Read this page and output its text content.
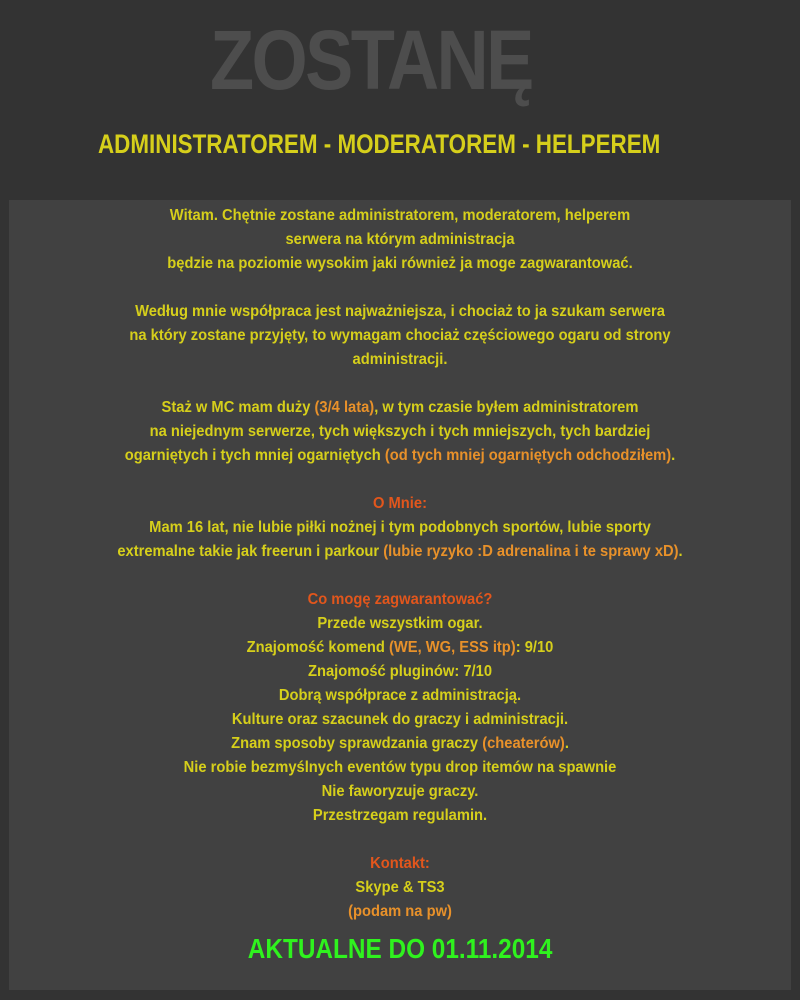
ZOSTANĘ
ADMINISTRATOREM - MODERATOREM - HELPEREM
Witam. Chętnie zostane administratorem, moderatorem, helperem
serwera na którym administracja
będzie na poziomie wysokim jaki również ja moge zagwarantować.
Według mnie współpraca jest najważniejsza, i chociaż to ja szukam serwera
na który zostane przyjęty, to wymagam chociaż częściowego ogaru od strony
administracji.
Staż w MC mam duży (3/4 lata), w tym czasie byłem administratorem
na niejednym serwerze, tych większych i tych mniejszych, tych bardziej
ogarniętych i tych mniej ogarniętych (od tych mniej ogarniętych odchodziłem).
O Mnie:
Mam 16 lat, nie lubie piłki nożnej i tym podobnych sportów, lubie sporty
extremalne takie jak freerun i parkour (lubie ryzyko :D adrenalina i te sprawy xD).
Co mogę zagwarantować?
Przede wszystkim ogar.
Znajomość komend (WE, WG, ESS itp): 9/10
Znajomość pluginów: 7/10
Dobrą współprace z administracją.
Kulture oraz szacunek do graczy i administracji.
Znam sposoby sprawdzania graczy (cheaterów).
Nie robie bezmyślnych eventów typu drop itemów na spawnie
Nie faworyzuje graczy.
Przestrzegam regulamin.
Kontakt:
Skype & TS3
(podam na pw)
AKTUALNE DO 01.11.2014
